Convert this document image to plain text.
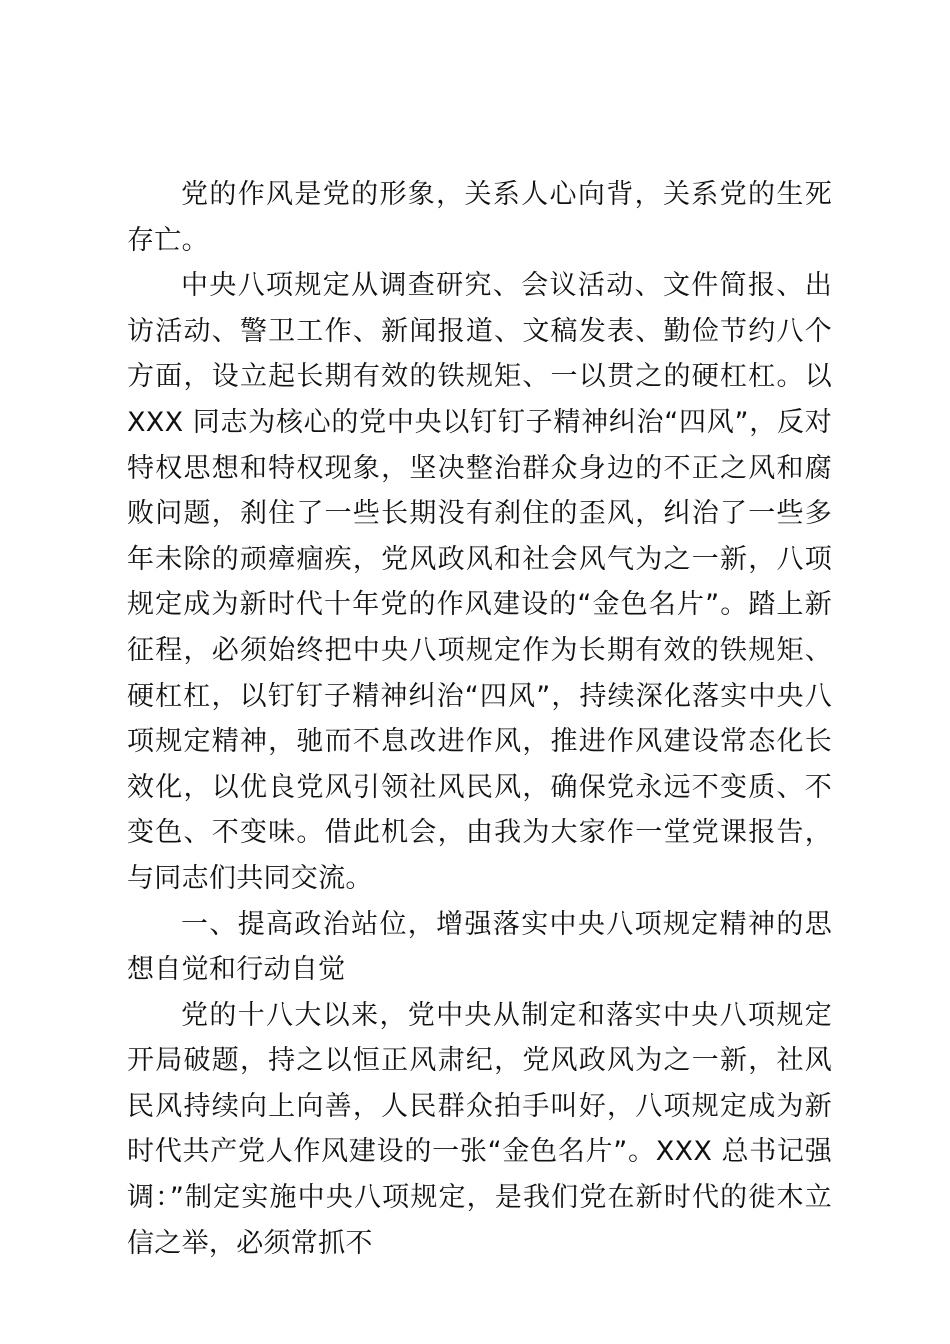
党的作风是党的形象，关系人心向背，关系党的生死存亡。

中央八项规定从调查研究、会议活动、文件简报、出访活动、警卫工作、新闻报道、文稿发表、勤俭节约八个方面，设立起长期有效的铁规矩、一以贯之的硬杠杠。以 XXX 同志为核心的党中央以钉钉子精神纠治“四风”，反对特权思想和特权现象，坚决整治群众身边的不正之风和腐败问题，刹住了一些长期没有刹住的歪风，纠治了一些多年未除的顽瘴痼疾，党风政风和社会风气为之一新，八项规定成为新时代十年党的作风建设的“金色名片”。踏上新征程，必须始终把中央八项规定作为长期有效的铁规矩、硬杠杠，以钉钉子精神纠治“四风”，持续深化落实中央八项规定精神，驰而不息改进作风，推进作风建设常态化长效化，以优良党风引领社风民风，确保党永远不变质、不变色、不变味。借此机会，由我为大家作一堂党课报告，与同志们共同交流。

一、提高政治站位，增强落实中央八项规定精神的思想自觉和行动自觉

党的十八大以来，党中央从制定和落实中央八项规定开局破题，持之以恒正风肃纪，党风政风为之一新，社风民风持续向上向善，人民群众拍手叫好，八项规定成为新时代共产党人作风建设的一张“金色名片”。XXX 总书记强调：”制定实施中央八项规定，是我们党在新时代的徙木立信之举，必须常抓不
